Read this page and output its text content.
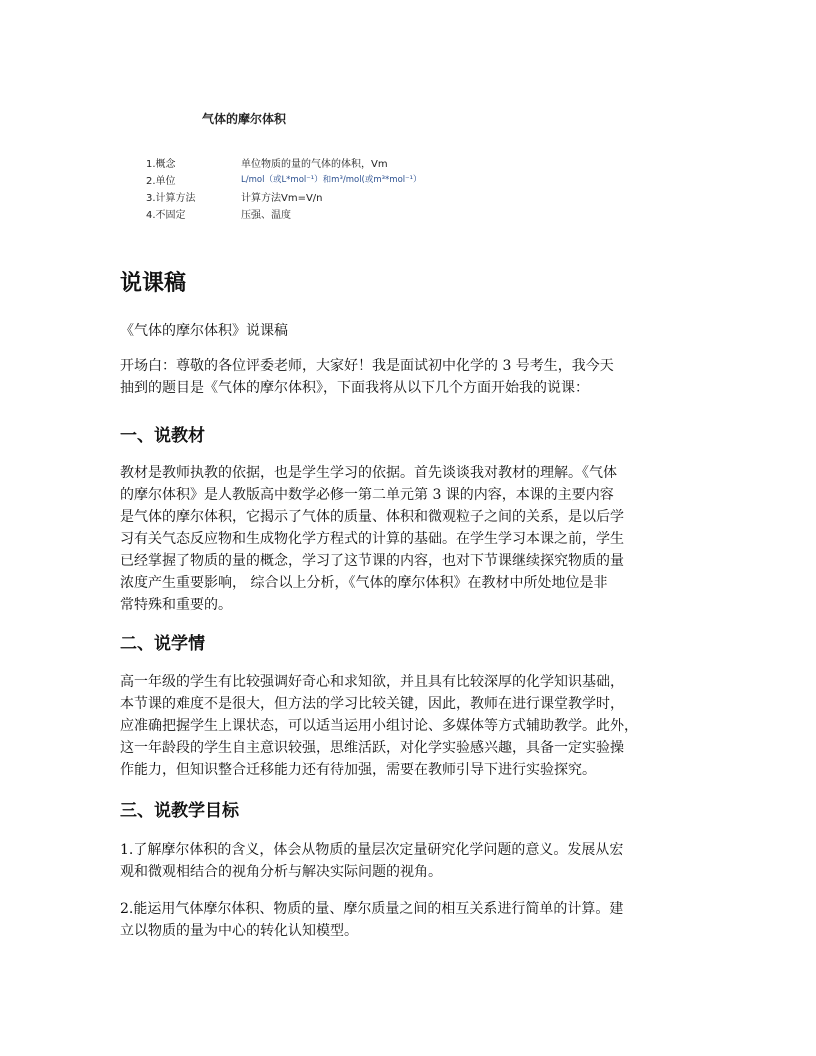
气体的摩尔体积
1.概念	单位物质的量的气体的体积，Vm
2.单位	L/mol（或L*mol⁻¹）和m³/mol(或m³*mol⁻¹）
3.计算方法	计算方法Vm=V/n
4.不固定	压强、温度
说课稿

《气体的摩尔体积》说课稿

开场白：尊敬的各位评委老师，大家好！我是面试初中化学的 3 号考生，我今天

抽到的题目是《气体的摩尔体积》，下面我将从以下几个方面开始我的说课：

一、说教材

教材是教师执教的依据，也是学生学习的依据。首先谈谈我对教材的理解。《气体

的摩尔体积》是人教版高中数学必修一第二单元第 3 课的内容，本课的主要内容

是气体的摩尔体积，它揭示了气体的质量、体积和微观粒子之间的关系，是以后学

习有关气态反应物和生成物化学方程式的计算的基础。在学生学习本课之前，学生

已经掌握了物质的量的概念，学习了这节课的内容，也对下节课继续探究物质的量

浓度产生重要影响， 综合以上分析，《气体的摩尔体积》在教材中所处地位是非

常特殊和重要的。

二、说学情

高一年级的学生有比较强调好奇心和求知欲，并且具有比较深厚的化学知识基础，

本节课的难度不是很大，但方法的学习比较关键，因此，教师在进行课堂教学时，

应准确把握学生上课状态，可以适当运用小组讨论、多媒体等方式辅助教学。此外，

这一年龄段的学生自主意识较强，思维活跃，对化学实验感兴趣，具备一定实验操

作能力，但知识整合迁移能力还有待加强，需要在教师引导下进行实验探究。

三、说教学目标

1.了解摩尔体积的含义，体会从物质的量层次定量研究化学问题的意义。发展从宏

观和微观相结合的视角分析与解决实际问题的视角。

2.能运用气体摩尔体积、物质的量、摩尔质量之间的相互关系进行简单的计算。建

立以物质的量为中心的转化认知模型。
